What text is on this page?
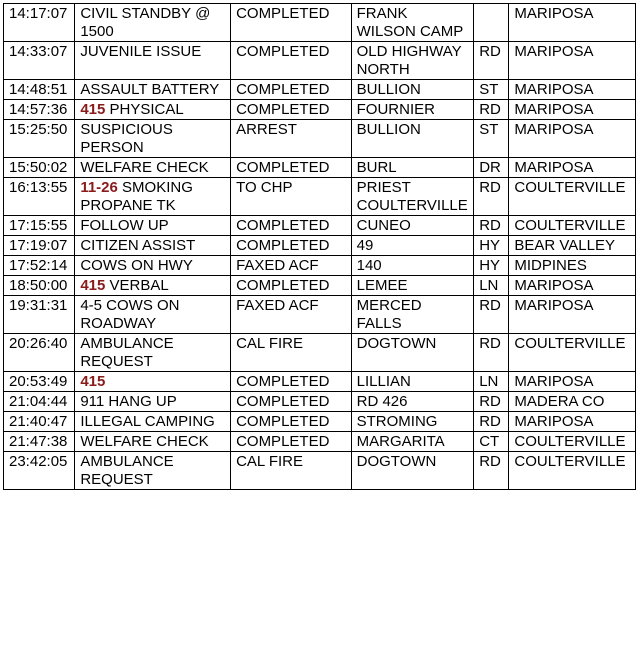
14:17:07	CIVIL STANDBY @ 1500	COMPLETED	FRANK WILSON CAMP		MARIPOSA
14:33:07	JUVENILE ISSUE	COMPLETED	OLD HIGHWAY NORTH	RD	MARIPOSA
14:48:51	ASSAULT BATTERY	COMPLETED	BULLION	ST	MARIPOSA
14:57:36	415 PHYSICAL	COMPLETED	FOURNIER	RD	MARIPOSA
15:25:50	SUSPICIOUS PERSON	ARREST	BULLION	ST	MARIPOSA
15:50:02	WELFARE CHECK	COMPLETED	BURL	DR	MARIPOSA
16:13:55	11-26 SMOKING PROPANE TK	TO CHP	PRIEST COULTERVILLE	RD	COULTERVILLE
17:15:55	FOLLOW UP	COMPLETED	CUNEO	RD	COULTERVILLE
17:19:07	CITIZEN ASSIST	COMPLETED	49	HY	BEAR VALLEY
17:52:14	COWS ON HWY	FAXED ACF	140	HY	MIDPINES
18:50:00	415 VERBAL	COMPLETED	LEMEE	LN	MARIPOSA
19:31:31	4-5 COWS ON ROADWAY	FAXED ACF	MERCED FALLS	RD	MARIPOSA
20:26:40	AMBULANCE REQUEST	CAL FIRE	DOGTOWN	RD	COULTERVILLE
20:53:49	415	COMPLETED	LILLIAN	LN	MARIPOSA
21:04:44	911 HANG UP	COMPLETED	RD 426	RD	MADERA CO
21:40:47	ILLEGAL CAMPING	COMPLETED	STROMING	RD	MARIPOSA
21:47:38	WELFARE CHECK	COMPLETED	MARGARITA	CT	COULTERVILLE
23:42:05	AMBULANCE REQUEST	CAL FIRE	DOGTOWN	RD	COULTERVILLE
